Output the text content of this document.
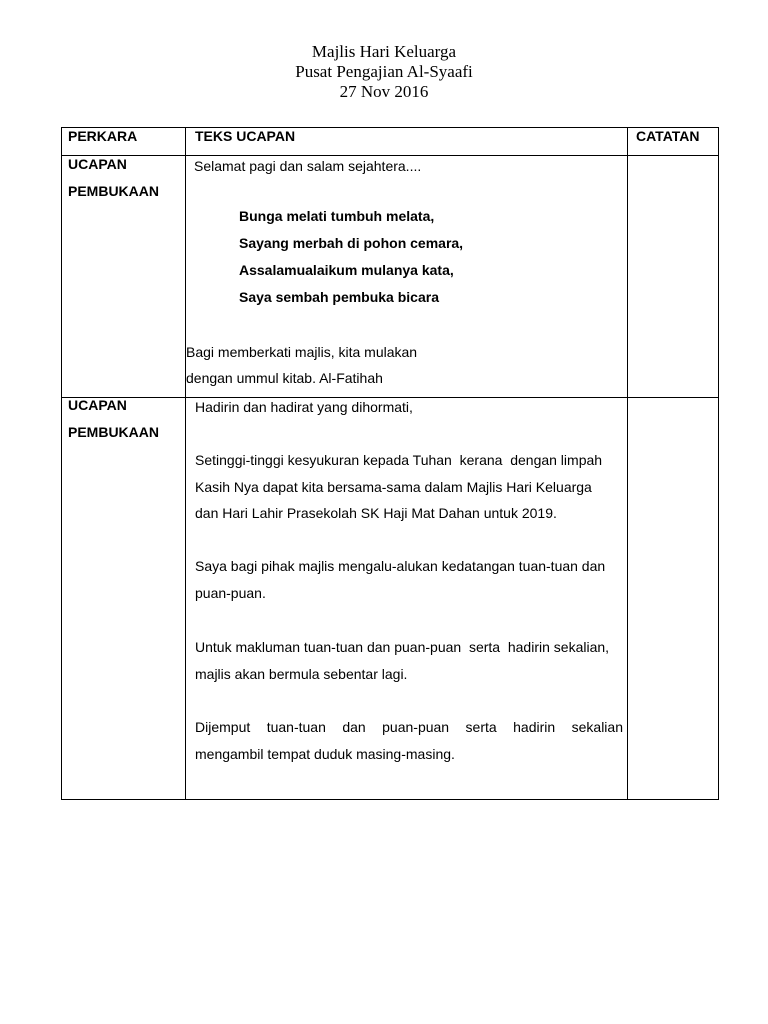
Majlis Hari Keluarga
Pusat Pengajian Al-Syaafi
27 Nov 2016
PERKARA	TEKS UCAPAN	CATATAN
UCAPAN
PEMBUKAAN
Selamat pagi dan salam sejahtera....
Bunga melati tumbuh melata,
Sayang merbah di pohon cemara,
Assalamualaikum mulanya kata,
Saya sembah pembuka bicara
Bagi memberkati majlis, kita mulakan
dengan ummul kitab. Al-Fatihah
UCAPAN
PEMBUKAAN
Hadirin dan hadirat yang dihormati,
Setinggi-tinggi kesyukuran kepada Tuhan  kerana  dengan limpah
Kasih Nya dapat kita bersama-sama dalam Majlis Hari Keluarga
dan Hari Lahir Prasekolah SK Haji Mat Dahan untuk 2019.
Saya bagi pihak majlis mengalu-alukan kedatangan tuan-tuan dan
puan-puan.
Untuk makluman tuan-tuan dan puan-puan  serta  hadirin sekalian,
majlis akan bermula sebentar lagi.
Dijemput tuan-tuan dan puan-puan serta hadirin sekalian
mengambil tempat duduk masing-masing.
